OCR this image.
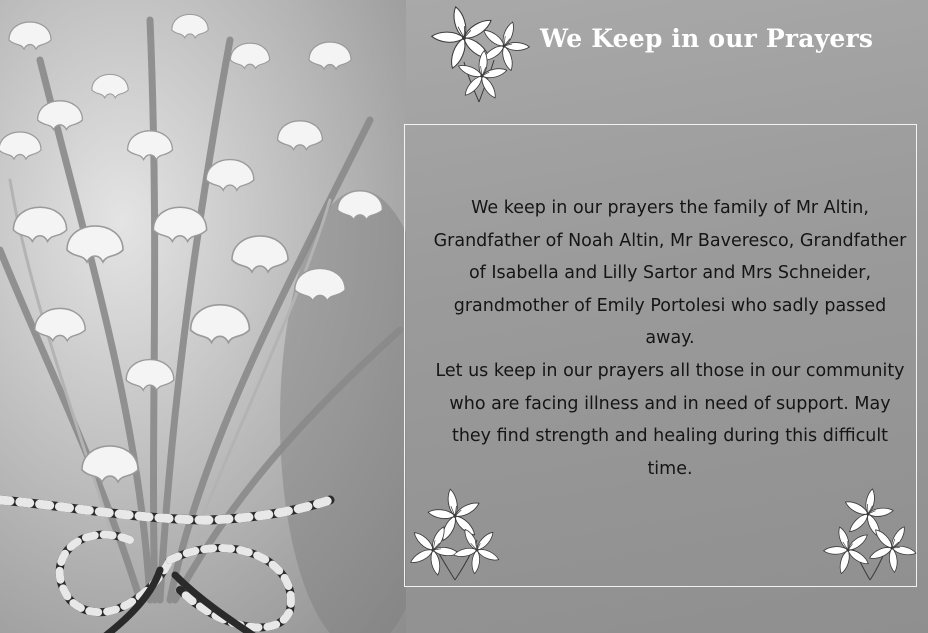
We Keep in our Prayers

We keep in our prayers the family of Mr Altin, Grandfather of Noah Altin, Mr Baveresco, Grandfather of Isabella and Lilly Sartor and Mrs Schneider, grandmother of Emily Portolesi who sadly passed away.

Let us keep in our prayers all those in our community who are facing illness and in need of support. May they find strength and healing during this difficult time.
